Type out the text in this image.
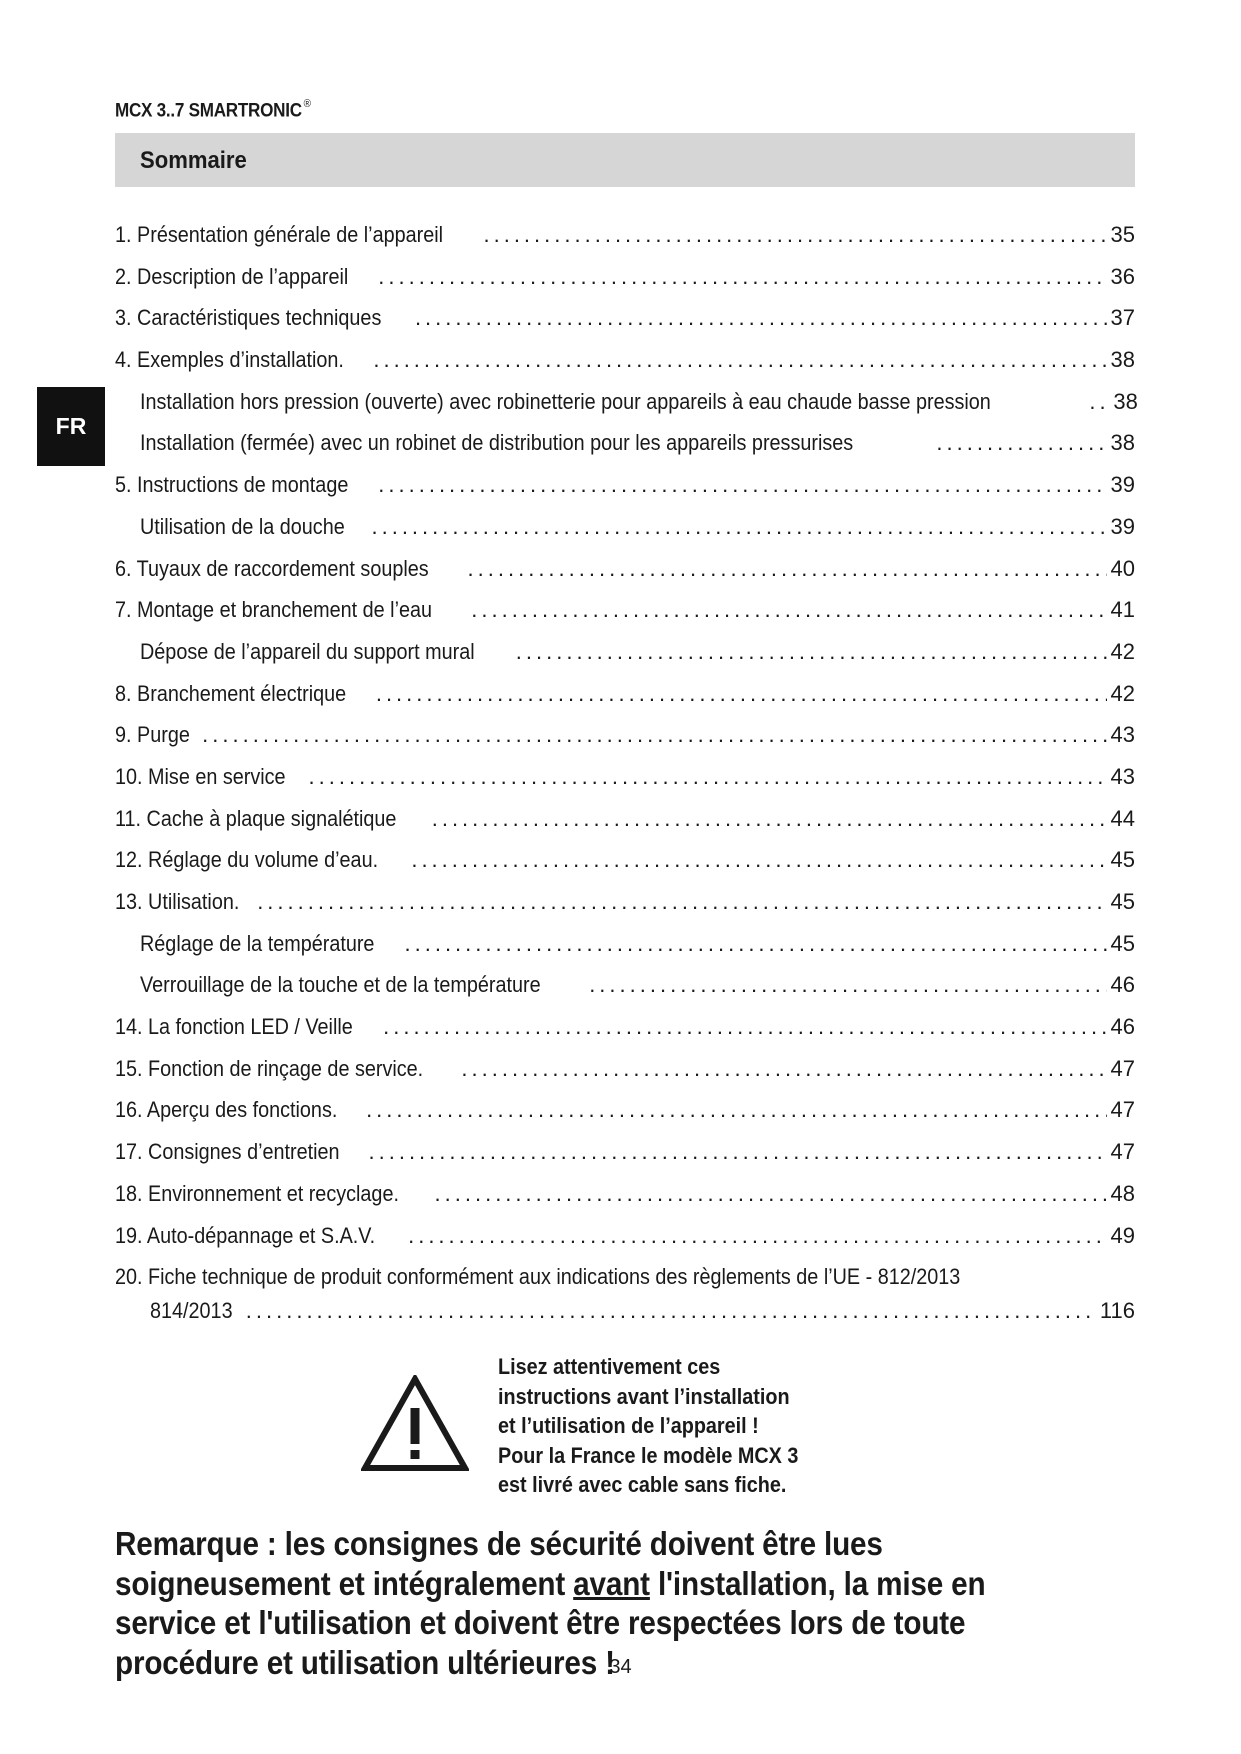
MCX 3..7 SMARTRONIC ®
Sommaire
FR
1. Présentation générale de l’appareil .....	35
2. Description de l’appareil .....	36
3. Caractéristiques techniques .....	37
4. Exemples d’installation. .....	38
Installation hors pression (ouverte) avec robinetterie pour appareils à eau chaude basse pression .....	38
Installation (fermée) avec un robinet de distribution pour les appareils pressurises .....	38
5. Instructions de montage .....	39
Utilisation de la douche .....	39
6. Tuyaux de raccordement souples .....	40
7. Montage et branchement de l’eau .....	41
Dépose de l’appareil du support mural .....	42
8. Branchement électrique .....	42
9. Purge .....	43
10. Mise en service .....	43
11. Cache à plaque signalétique .....	44
12. Réglage du volume d’eau. .....	45
13. Utilisation. .....	45
Réglage de la température .....	45
Verrouillage de la touche et de la température .....	46
14. La fonction LED / Veille .....	46
15. Fonction de rinçage de service. .....	47
16. Aperçu des fonctions. .....	47
17. Consignes d’entretien .....	47
18. Environnement et recyclage. .....	48
19. Auto-dépannage et S.A.V. .....	49
20. Fiche technique de produit conformément aux indications des règlements de l’UE - 812/2013
814/2013 .....	116
Lisez attentivement ces
instructions avant l’installation
et l’utilisation de l’appareil !
Pour la France le modèle MCX 3
est livré avec cable sans fiche.
Remarque : les consignes de sécurité doivent être lues soigneusement et intégralement avant l'installation, la mise en service et l'utilisation et doivent être respectées lors de toute procédure et utilisation ultérieures !
34
